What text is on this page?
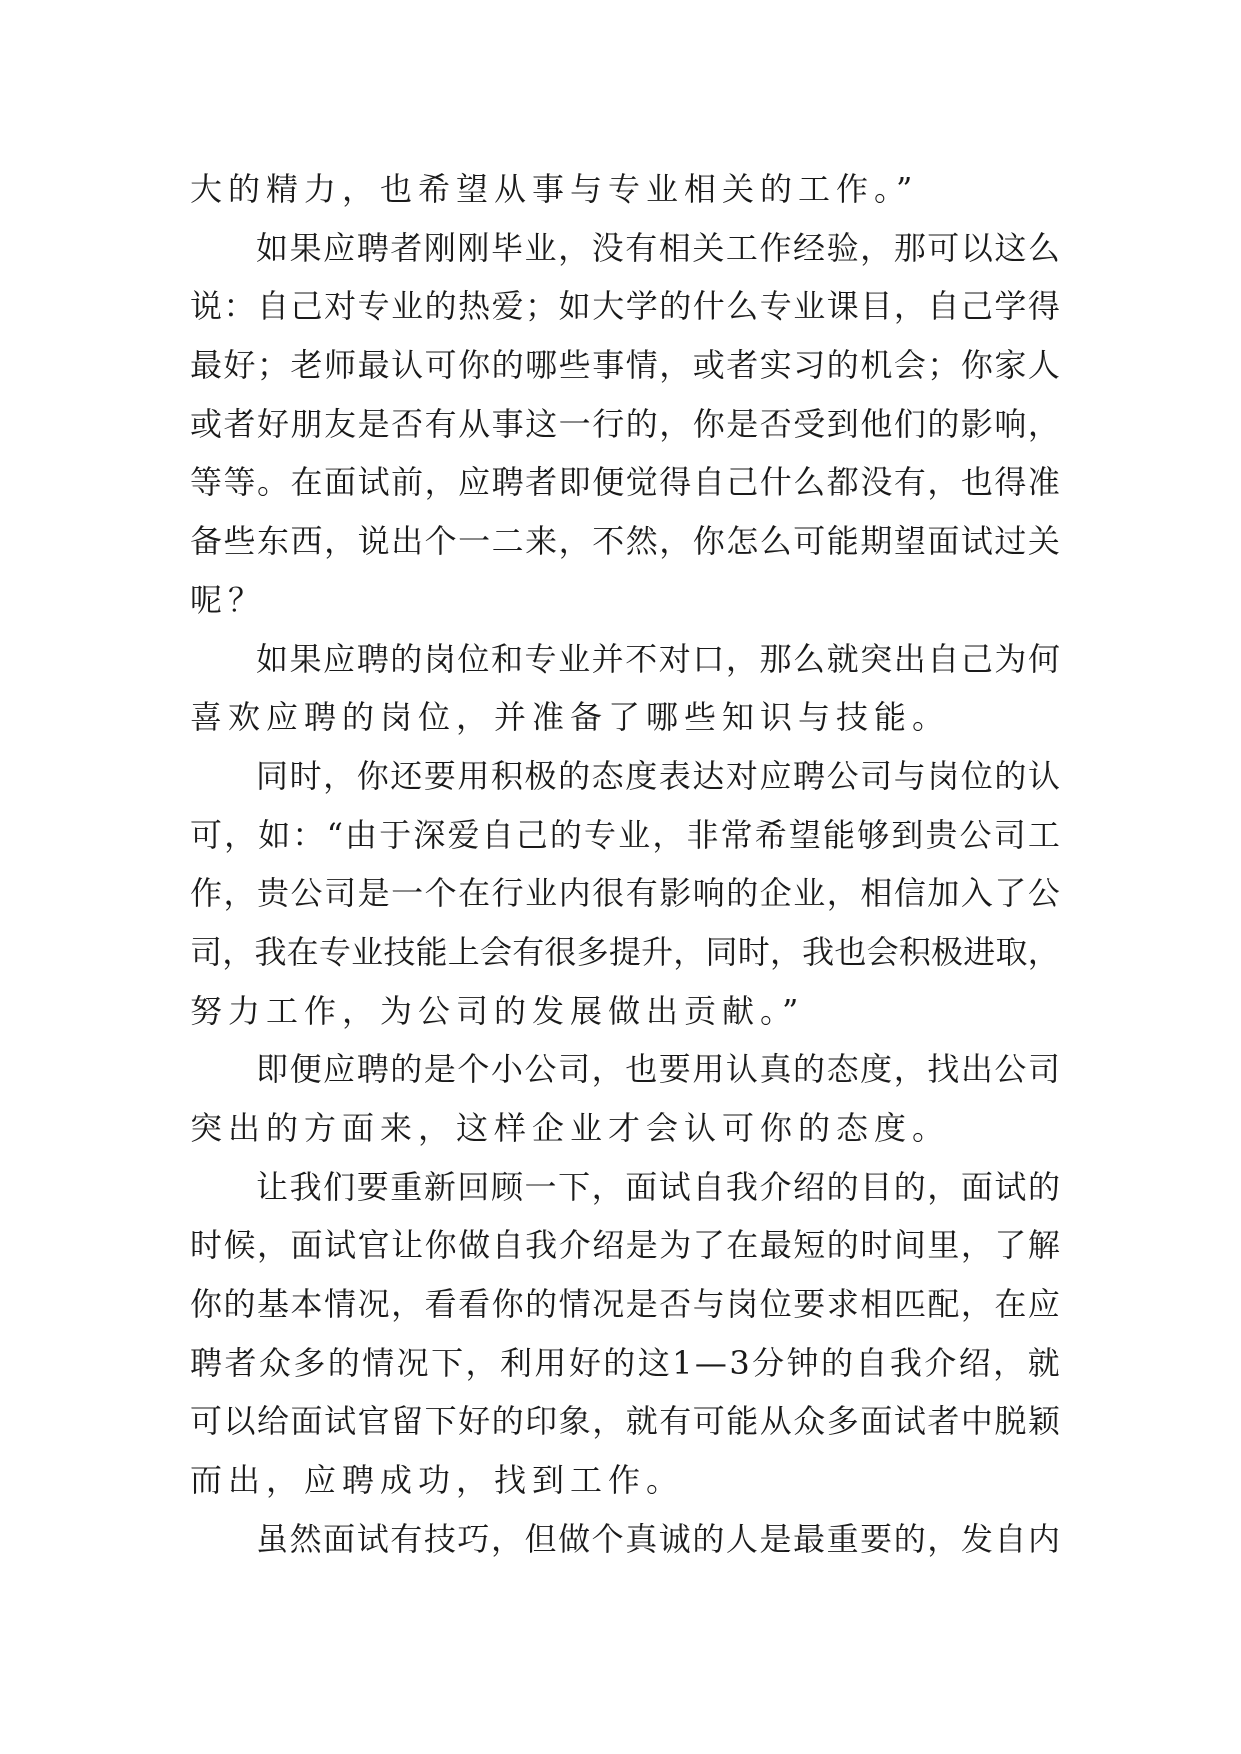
大的精力，也希望从事与专业相关的工作。”
如 果 应 聘 者 刚 刚 毕 业 ， 没 有 相 关 工 作 经 验 ， 那 可 以 这 么
说 ： 自 己 对 专 业 的 热 爱 ； 如 大 学 的 什 么 专 业 课 目 ， 自 己 学 得
最 好 ； 老 师 最 认 可 你 的 哪 些 事 情 ， 或 者 实 习 的 机 会 ； 你 家 人
或 者 好 朋 友 是 否 有 从 事 这 一 行 的 ， 你 是 否 受 到 他 们 的 影 响 ，
等 等 。 在 面 试 前 ， 应 聘 者 即 便 觉 得 自 己 什 么 都 没 有 ， 也 得 准
备 些 东 西 ， 说 出 个 一 二 来 ， 不 然 ， 你 怎 么 可 能 期 望 面 试 过 关
呢？
如 果 应 聘 的 岗 位 和 专 业 并 不 对 口 ， 那 么 就 突 出 自 己 为 何
喜欢应聘的岗位，并准备了哪些知识与技能。
同 时 ， 你 还 要 用 积 极 的 态 度 表 达 对 应 聘 公 司 与 岗 位 的 认
可 ， 如 ： “ 由 于 深 爱 自 己 的 专 业 ， 非 常 希 望 能 够 到 贵 公 司 工
作 ， 贵 公 司 是 一 个 在 行 业 内 很 有 影 响 的 企 业 ， 相 信 加 入 了 公
司 ， 我 在 专 业 技 能 上 会 有 很 多 提 升 ， 同 时 ， 我 也 会 积 极 进 取 ，
努力工作，为公司的发展做出贡献。”
即 便 应 聘 的 是 个 小 公 司 ， 也 要 用 认 真 的 态 度 ， 找 出 公 司
突出的方面来，这样企业才会认可你的态度。
让 我 们 要 重 新 回 顾 一 下 ， 面 试 自 我 介 绍 的 目 的 ， 面 试 的
时 候 ， 面 试 官 让 你 做 自 我 介 绍 是 为 了 在 最 短 的 时 间 里 ， 了 解
你 的 基 本 情 况 ， 看 看 你 的 情 况 是 否 与 岗 位 要 求 相 匹 配 ， 在 应
聘 者 众 多 的 情 况 下 ， 利 用 好 的 这 1 — 3 分 钟 的 自 我 介 绍 ， 就
可 以 给 面 试 官 留 下 好 的 印 象 ， 就 有 可 能 从 众 多 面 试 者 中 脱 颖
而出，应聘成功，找到工作。
虽 然 面 试 有 技 巧 ， 但 做 个 真 诚 的 人 是 最 重 要 的 ， 发 自 内
